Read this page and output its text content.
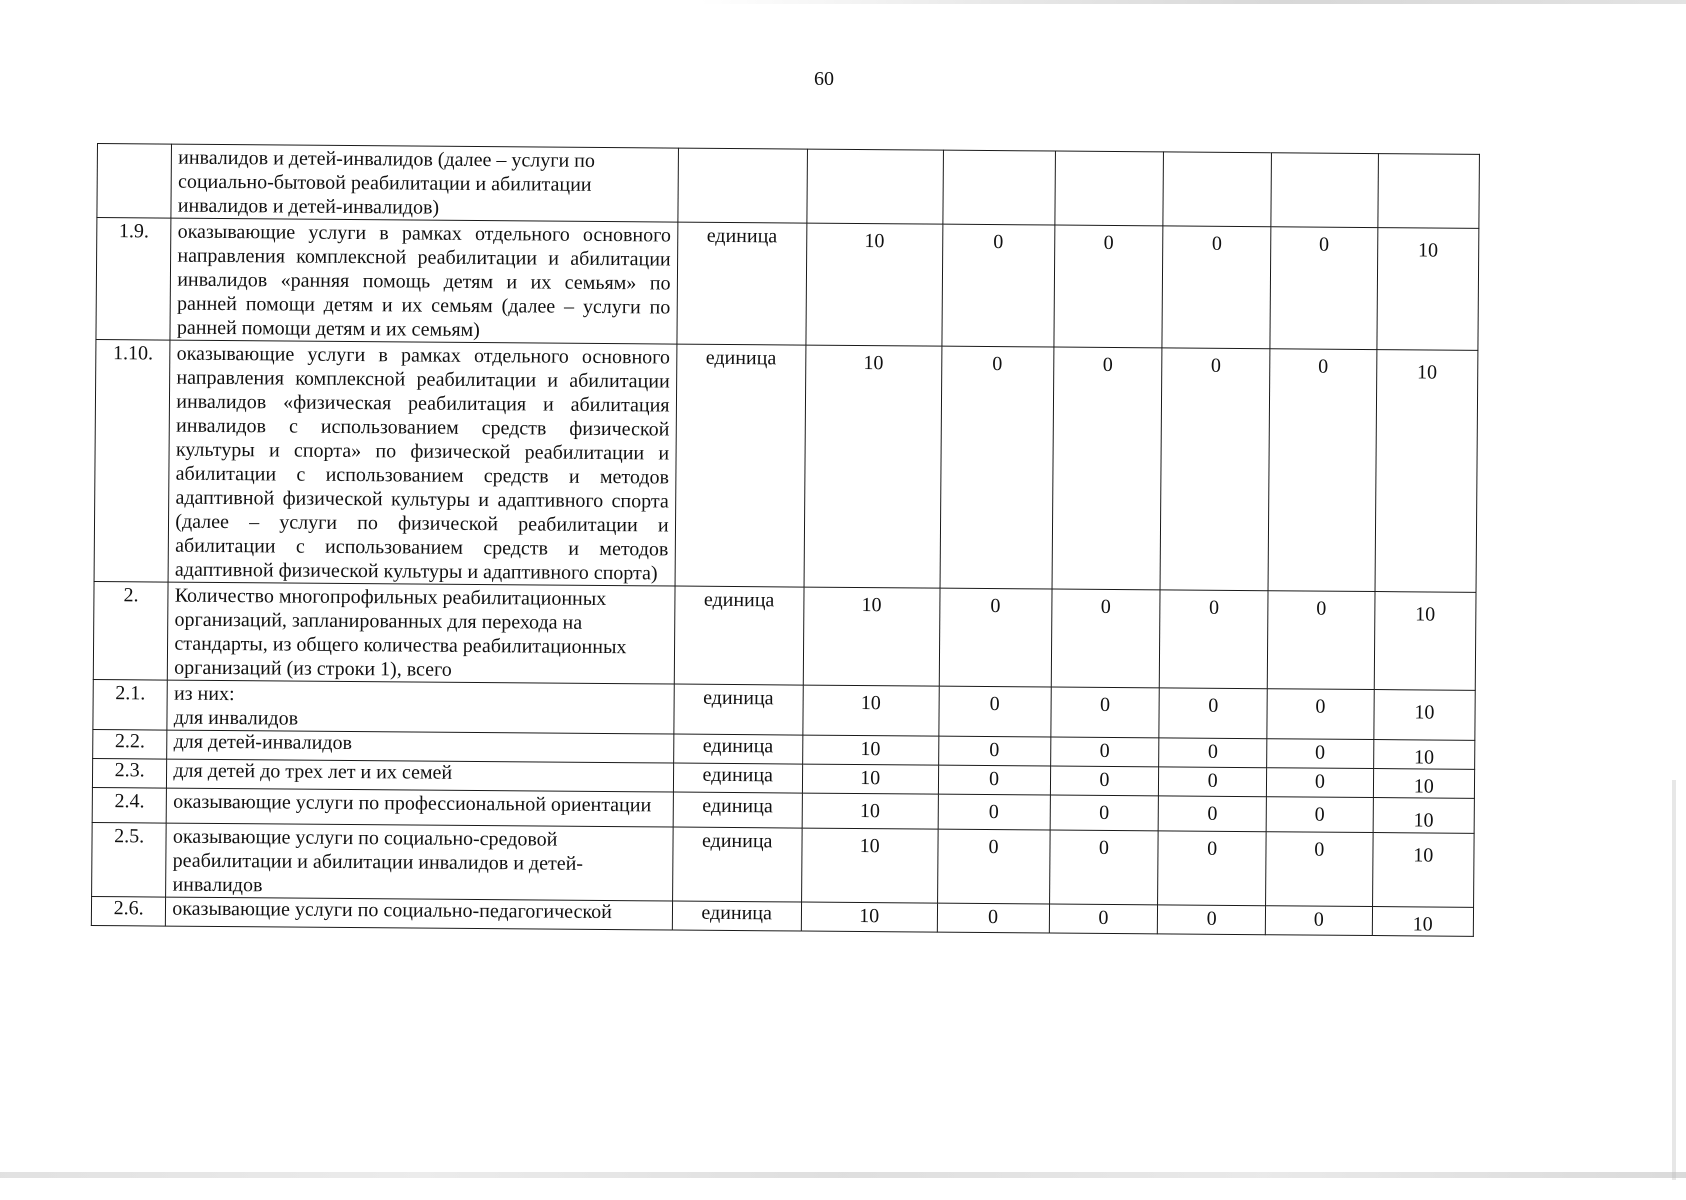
60
	инвалидов и детей-инвалидов (далее – услуги по социально-бытовой реабилитации и абилитации инвалидов и детей-инвалидов)							
1.9.	оказывающие услуги в рамках отдельного основного направления комплексной реабилитации и абилитации инвалидов «ранняя помощь детям и их семьям» по ранней помощи детям и их семьям (далее – услуги по ранней помощи детям и их семьям)	единица	10	0	0	0	0	10
1.10.	оказывающие услуги в рамках отдельного основного направления комплексной реабилитации и абилитации инвалидов «физическая реабилитация и абилитация инвалидов с использованием средств физической культуры и спорта» по физической реабилитации и абилитации с использованием средств и методов адаптивной физической культуры и адаптивного спорта (далее – услуги по физической реабилитации и абилитации с использованием средств и методов адаптивной физической культуры и адаптивного спорта)	единица	10	0	0	0	0	10
2.	Количество многопрофильных реабилитационных организаций, запланированных для перехода на стандарты, из общего количества реабилитационных организаций (из строки 1), всего	единица	10	0	0	0	0	10
2.1.	из них:
для инвалидов	единица	10	0	0	0	0	10
2.2.	для детей-инвалидов	единица	10	0	0	0	0	10
2.3.	для детей до трех лет и их семей	единица	10	0	0	0	0	10
2.4.	оказывающие услуги по профессиональной ориентации	единица	10	0	0	0	0	10
2.5.	оказывающие услуги по социально-средовой реабилитации и абилитации инвалидов и детей-инвалидов	единица	10	0	0	0	0	10
2.6.	оказывающие услуги по социально-педагогической	единица	10	0	0	0	0	10
